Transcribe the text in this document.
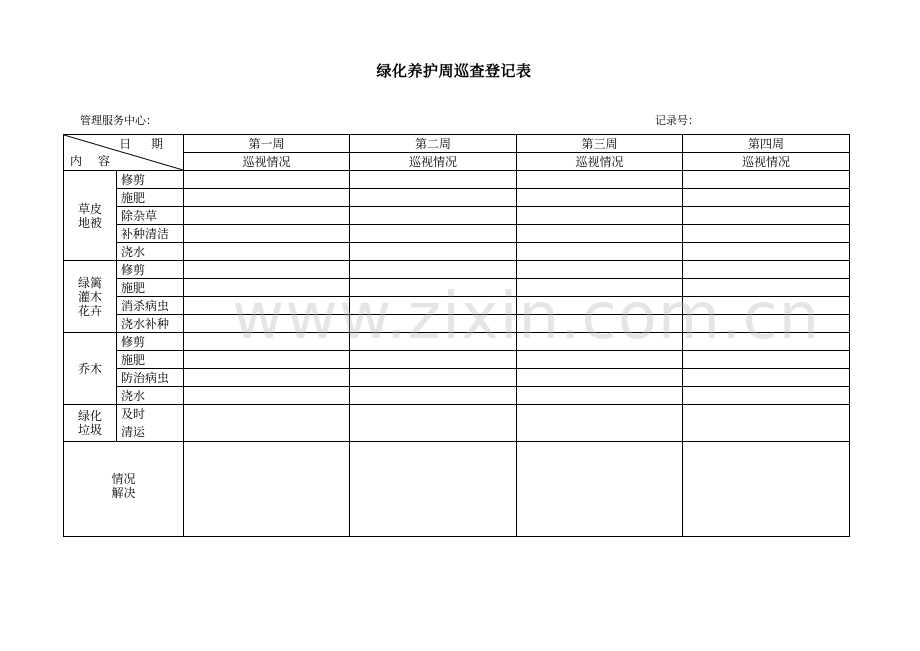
绿化养护周巡查登记表
管理服务中心：	记录号：
日 期
内 容		第一周	第二周	第三周	第四周
		巡视情况	巡视情况	巡视情况	巡视情况

草皮
地被	修剪				
	施肥				
	除杂草				
	补种清洁				
	浇水				

绿篱
灌木
花卉	修剪				
	施肥				
	消杀病虫				
	浇水补种				

乔木	修剪				
	施肥				
	防治病虫				
	浇水				

绿化
垃圾	及时
清运				

情况
解决					

www.zixin.com.cn
